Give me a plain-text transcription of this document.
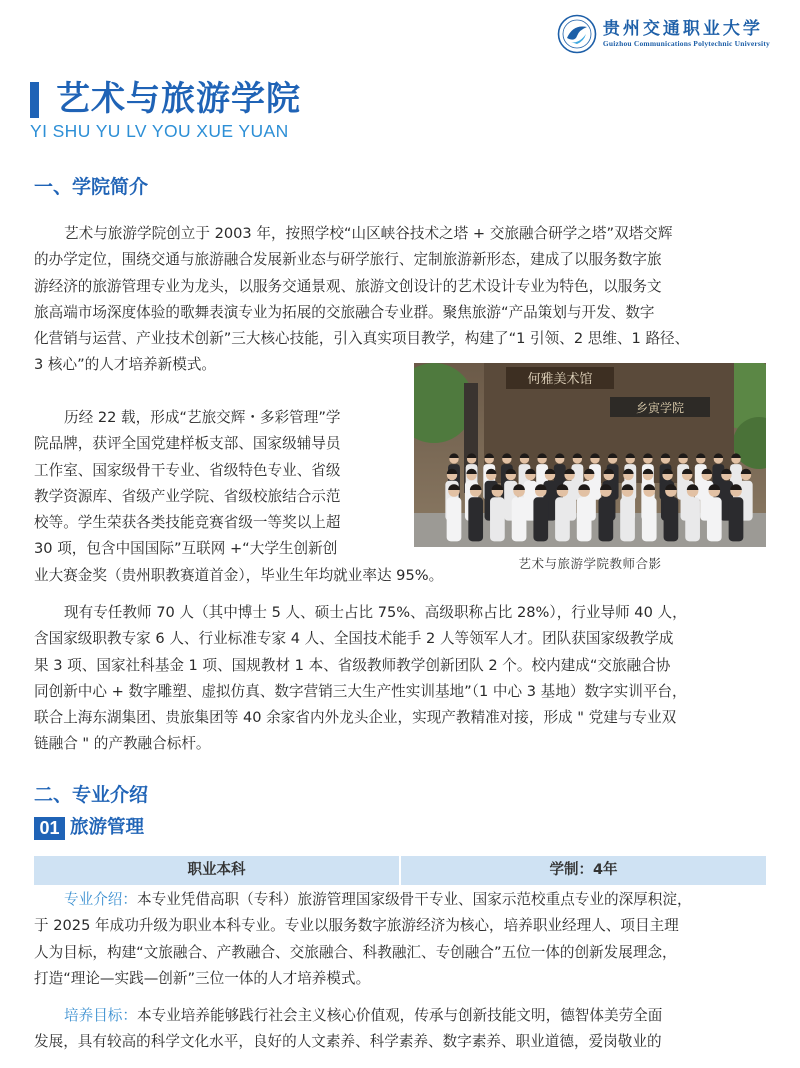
贵州交通职业大学
Guizhou Communications Polytechnic University
艺术与旅游学院
YI SHU YU LV YOU XUE YUAN
一、学院简介
艺术与旅游学院创立于 2003 年，按照学校“山区峡谷技术之塔 + 交旅融合研学之塔”双塔交辉
的办学定位，围绕交通与旅游融合发展新业态与研学旅行、定制旅游新形态，建成了以服务数字旅
游经济的旅游管理专业为龙头，以服务交通景观、旅游文创设计的艺术设计专业为特色，以服务文
旅高端市场深度体验的歌舞表演专业为拓展的交旅融合专业群。聚焦旅游“产品策划与开发、数字
化营销与运营、产业技术创新”三大核心技能，引入真实项目教学，构建了“1 引领、2 思维、1 路径、
3 核心”的人才培养新模式。
历经 22 载，形成“艺旅交辉・多彩管理”学
院品牌，获评全国党建样板支部、国家级辅导员
工作室、国家级骨干专业、省级特色专业、省级
教学资源库、省级产业学院、省级校旅结合示范
校等。学生荣获各类技能竞赛省级一等奖以上超
30 项，包含中国国际”互联网 +“大学生创新创
业大赛金奖（贵州职教赛道首金），毕业生年均就业率达 95%。
何雅美术馆
乡寅学院
艺术与旅游学院教师合影
现有专任教师 70 人（其中博士 5 人、硕士占比 75%、高级职称占比 28%），行业导师 40 人，
含国家级职教专家 6 人、行业标准专家 4 人、全国技术能手 2 人等领军人才。团队获国家级教学成
果 3 项、国家社科基金 1 项、国规教材 1 本、省级教师教学创新团队 2 个。校内建成“交旅融合协
同创新中心 + 数字雕塑、虚拟仿真、数字营销三大生产性实训基地”（1 中心 3 基地）数字实训平台，
联合上海东湖集团、贵旅集团等 40 余家省内外龙头企业，实现产教精准对接，形成 " 党建与专业双
链融合 " 的产教融合标杆。
二、专业介绍
01 旅游管理
职业本科	学制：4年
专业介绍：本专业凭借高职（专科）旅游管理国家级骨干专业、国家示范校重点专业的深厚积淀，
于 2025 年成功升级为职业本科专业。专业以服务数字旅游经济为核心，培养职业经理人、项目主理
人为目标，构建“文旅融合、产教融合、交旅融合、科教融汇、专创融合”五位一体的创新发展理念，
打造“理论—实践—创新”三位一体的人才培养模式。
培养目标：本专业培养能够践行社会主义核心价值观，传承与创新技能文明，德智体美劳全面
发展，具有较高的科学文化水平，良好的人文素养、科学素养、数字素养、职业道德，爱岗敬业的
